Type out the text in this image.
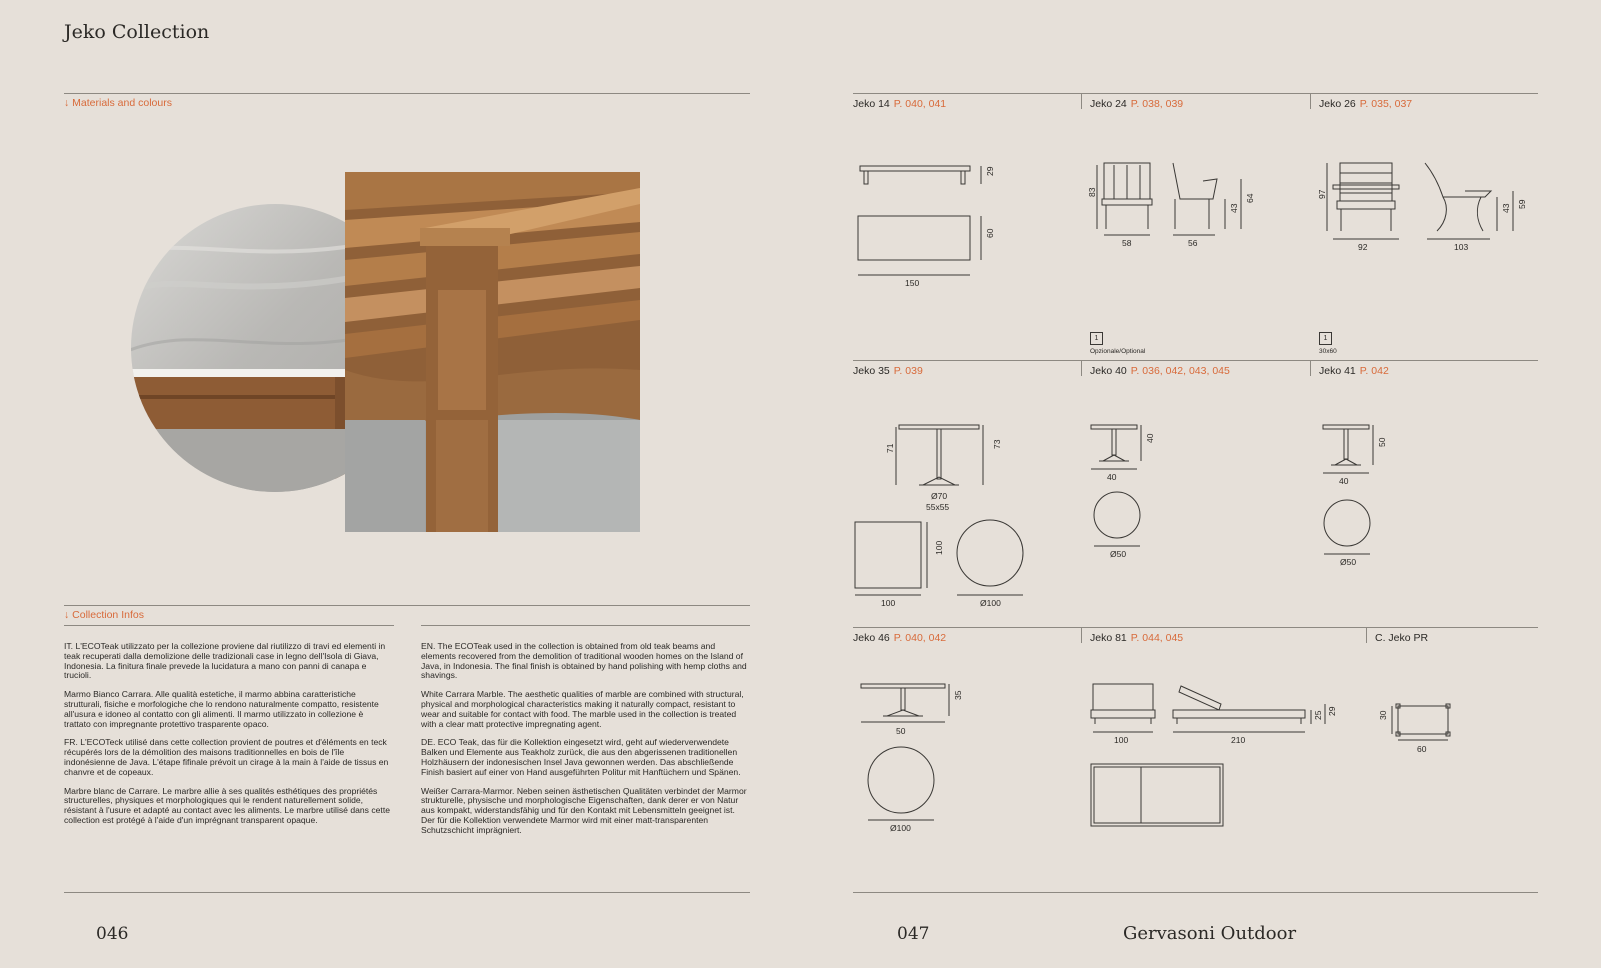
Jeko Collection
↓ Materials and colours
↓ Collection Infos

IT. L'ECOTeak utilizzato per la collezione proviene dal riutilizzo di travi ed elementi in teak recuperati dalla demolizione delle tradizionali case in legno dell'Isola di Giava, Indonesia. La finitura finale prevede la lucidatura a mano con panni di canapa e trucioli.

Marmo Bianco Carrara. Alle qualità estetiche, il marmo abbina caratteristiche strutturali, fisiche e morfologiche che lo rendono naturalmente compatto, resistente all'usura e idoneo al contatto con gli alimenti. Il marmo utilizzato in collezione è trattato con impregnante protettivo trasparente opaco.

FR. L'ECOTeck utilisé dans cette collection provient de poutres et d'éléments en teck récupérés lors de la démolition des maisons traditionnelles en bois de l'île indonésienne de Java. L'étape fifinale prévoit un cirage à la main à l'aide de tissus en chanvre et de copeaux.

Marbre blanc de Carrare. Le marbre allie à ses qualités esthétiques des propriétés structurelles, physiques et morphologiques qui le rendent naturellement solide, résistant à l'usure et adapté au contact avec les aliments. Le marbre utilisé dans cette collection est protégé à l'aide d'un imprégnant transparent opaque.

EN. The ECOTeak used in the collection is obtained from old teak beams and elements recovered from the demolition of traditional wooden homes on the Island of Java, in Indonesia. The final finish is obtained by hand polishing with hemp cloths and shavings.

White Carrara Marble. The aesthetic qualities of marble are combined with structural, physical and morphological characteristics making it naturally compact, resistant to wear and suitable for contact with food. The marble used in the collection is treated with a clear matt protective impregnating agent.

DE. ECO Teak, das für die Kollektion eingesetzt wird, geht auf wiederverwendete Balken und Elemente aus Teakholz zurück, die aus den abgerissenen traditionellen Holzhäusern der indonesischen Insel Java gewonnen werden. Das abschließende Finish basiert auf einer von Hand ausgeführten Politur mit Hanftüchern und Spänen.

Weißer Carrara-Marmor. Neben seinen ästhetischen Qualitäten verbindet der Marmor strukturelle, physische und morphologische Eigenschaften, dank derer er von Natur aus kompakt, widerstandsfähig und für den Kontakt mit Lebensmitteln geeignet ist. Der für die Kollektion verwendete Marmor wird mit einer matt-transparenten Schutzschicht imprägniert.

046
Jeko 14 P. 040, 041	Jeko 24 P. 038, 039	Jeko 26 P. 035, 037
29
60
150
83
58	56
43
64	97
92	103
43 59
1
Opzionale/Optional
1
30x60
Jeko 35 P. 039	Jeko 40 P. 036, 042, 043, 045	Jeko 41 P. 042
71	73
Ø70
55x55
100
100	Ø100
40
40
Ø50
50
40
Ø50
Jeko 46 P. 040, 042	Jeko 81 P. 044, 045	C. Jeko PR
35
50
Ø100
100	210
25 29	30
60
047	Gervasoni Outdoor
